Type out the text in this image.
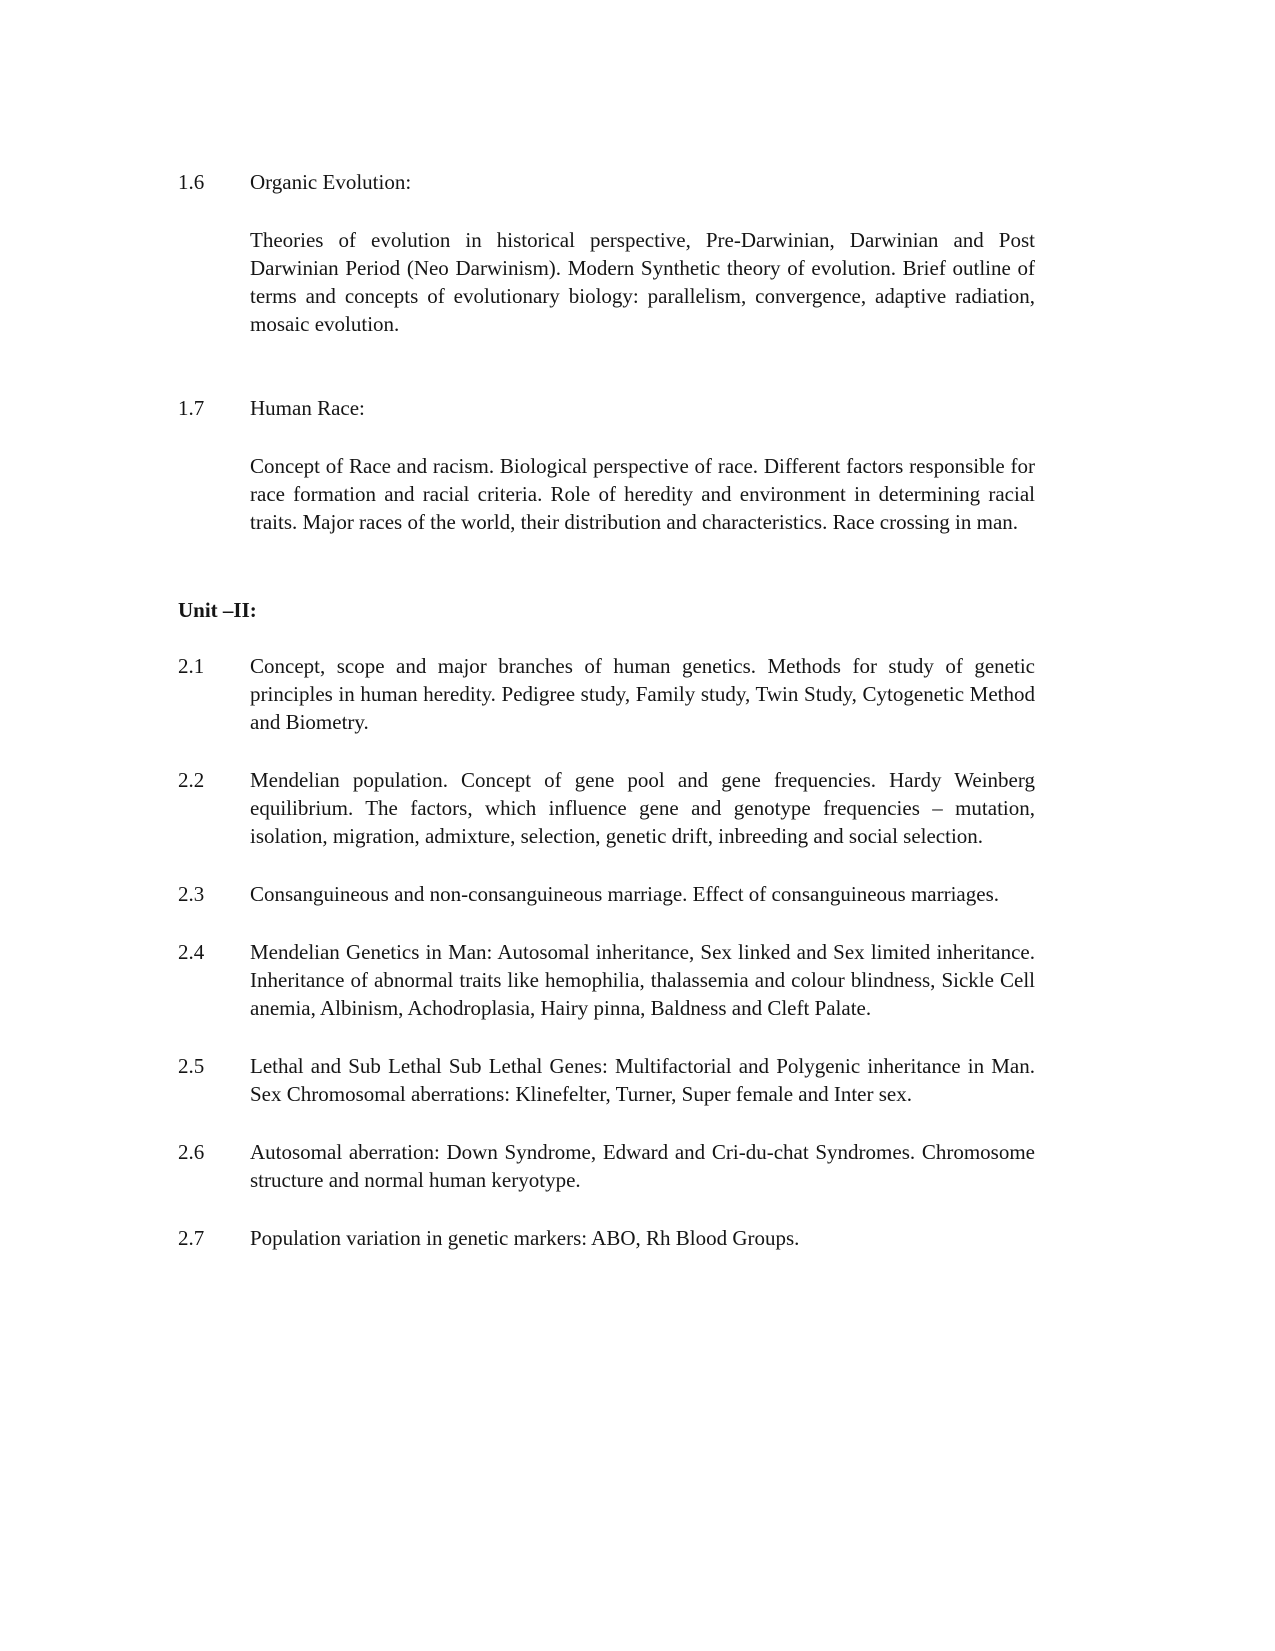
1.6	Organic Evolution:

Theories of evolution in historical perspective, Pre-Darwinian, Darwinian and Post Darwinian Period (Neo Darwinism). Modern Synthetic theory of evolution. Brief outline of terms and concepts of evolutionary biology: parallelism, convergence, adaptive radiation, mosaic evolution.

1.7	Human Race:

Concept of Race and racism. Biological perspective of race. Different factors responsible for race formation and racial criteria. Role of heredity and environment in determining racial traits. Major races of the world, their distribution and characteristics. Race crossing in man.

Unit –II:
2.1	Concept, scope and major branches of human genetics. Methods for study of genetic principles in human heredity. Pedigree study, Family study, Twin Study, Cytogenetic Method and Biometry.
2.2	Mendelian population. Concept of gene pool and gene frequencies. Hardy Weinberg equilibrium. The factors, which influence gene and genotype frequencies – mutation, isolation, migration, admixture, selection, genetic drift, inbreeding and social selection.
2.3	Consanguineous and non-consanguineous marriage. Effect of consanguineous marriages.
2.4	Mendelian Genetics in Man: Autosomal inheritance, Sex linked and Sex limited inheritance. Inheritance of abnormal traits like hemophilia, thalassemia and colour blindness, Sickle Cell anemia, Albinism, Achodroplasia, Hairy pinna, Baldness and Cleft Palate.
2.5	Lethal and Sub Lethal Sub Lethal Genes: Multifactorial and Polygenic inheritance in Man. Sex Chromosomal aberrations: Klinefelter, Turner, Super female and Inter sex.
2.6	Autosomal aberration: Down Syndrome, Edward and Cri-du-chat Syndromes. Chromosome structure and normal human keryotype.
2.7	Population variation in genetic markers: ABO, Rh Blood Groups.
